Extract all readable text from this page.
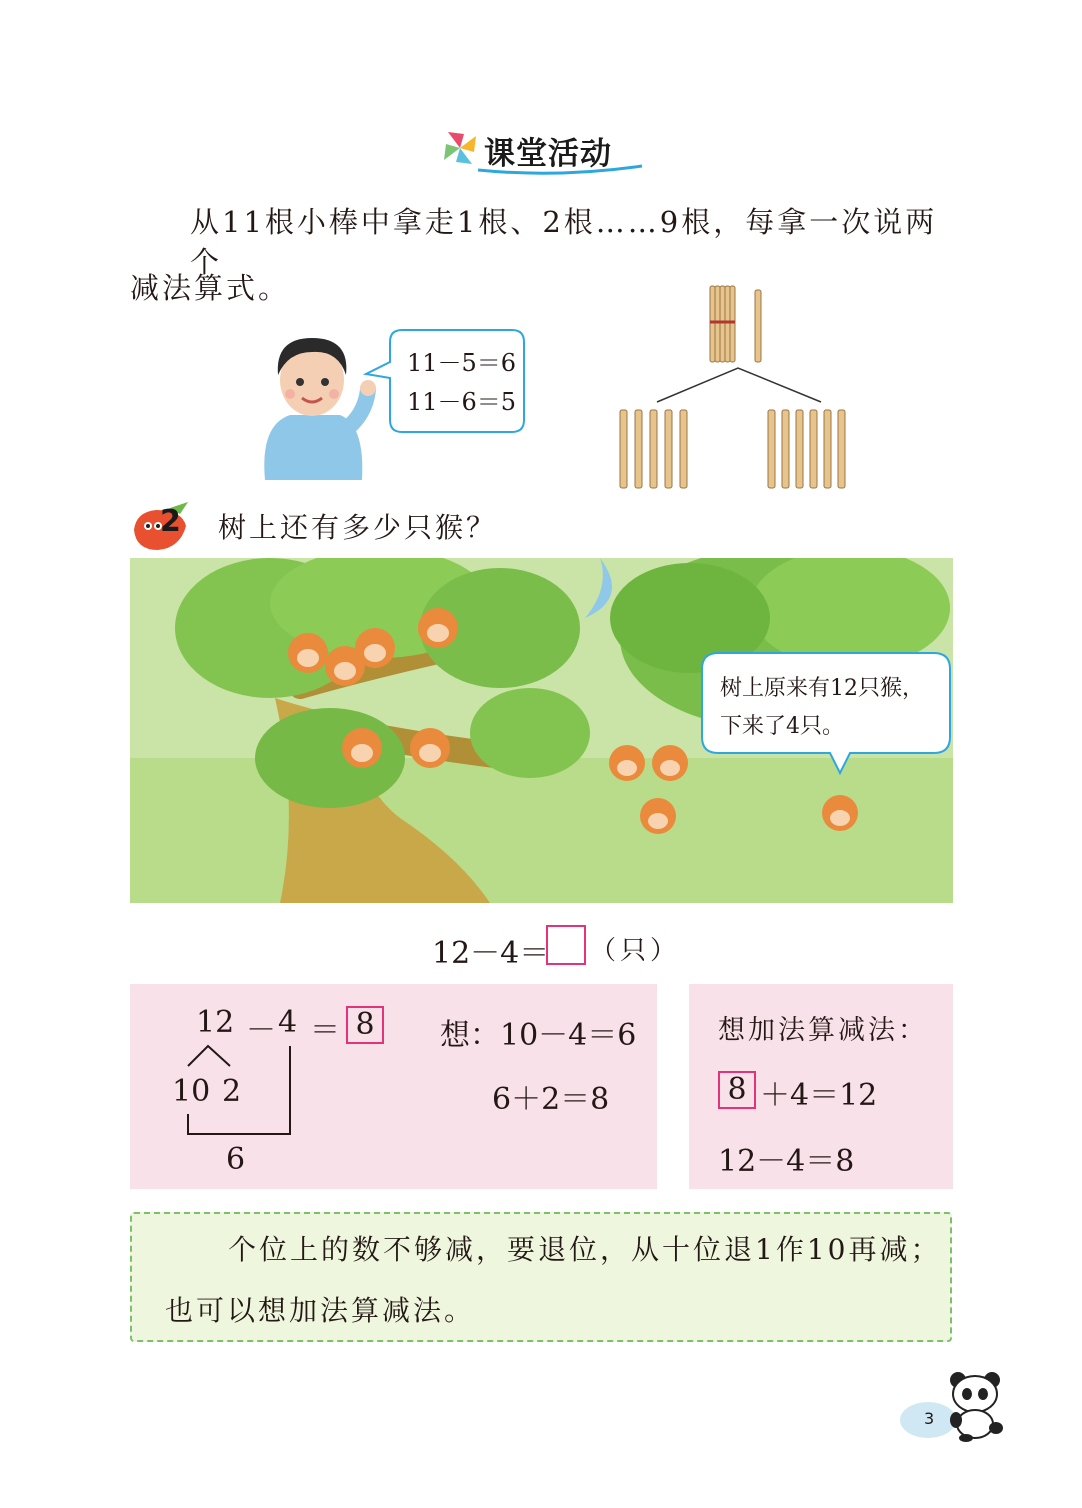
课堂活动
从11根小棒中拿走1根、2根……9根，每拿一次说两个
减法算式。
11－5＝6
11－6＝5
2 树上还有多少只猴？
树上原来有12只猴，
下来了4只。
12－4＝ （只）
12 － 4 ＝ 8
10 2
6
想：10－4＝6
6＋2＝8
想加法算减法：
8 ＋4＝12
12－4＝8
个位上的数不够减，要退位，从十位退1作10再减；
也可以想加法算减法。
3
